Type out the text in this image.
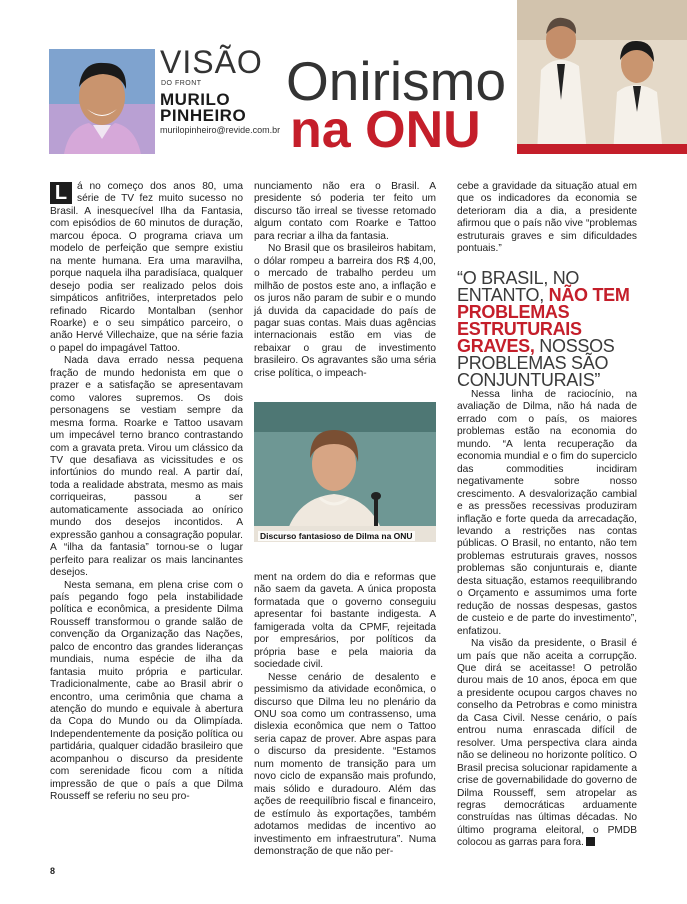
VISÃO
DO FRONT
MURILO
PINHEIRO
murilopinheiro@revide.com.br
Onirismo
na ONU

L á no começo dos anos 80, uma série de TV fez muito sucesso no Brasil. A inesquecível Ilha da Fantasia, com episódios de 60 minutos de duração, marcou época. O programa criava um modelo de perfeição que sempre existiu na mente humana. Era uma maravilha, porque naquela ilha paradisíaca, qualquer desejo podia ser realizado pelos dois simpáticos anfitriões, interpretados pelo refinado Ricardo Montalban (senhor Roarke) e o seu simpático parceiro, o anão Hervé Villechaize, que na série fazia o papel do impagável Tattoo.

Nada dava errado nessa pequena fração de mundo hedonista em que o prazer e a satisfação se apresentavam como valores supremos. Os dois personagens se vestiam sempre da mesma forma. Roarke e Tattoo usavam um impecável terno branco contrastando com a gravata preta. Virou um clássico da TV que desafiava as vicissitudes e os infortúnios do mundo real. A partir daí, toda a realidade abstrata, mesmo as mais corriqueiras, passou a ser automaticamente associada ao onírico mundo dos desejos incontidos. A expressão ganhou a consagração popular. A “ilha da fantasia” tornou-se o lugar perfeito para realizar os mais lancinantes desejos.

Nesta semana, em plena crise com o país pegando fogo pela instabilidade política e econômica, a presidente Dilma Rousseff transformou o grande salão de convenção da Organização das Nações, palco de encontro das grandes lideranças mundiais, numa espécie de ilha da fantasia muito própria e particular. Tradicionalmente, cabe ao Brasil abrir o encontro, uma cerimônia que chama a atenção do mundo e equivale à abertura da Copa do Mundo ou da Olimpíada. Independentemente da posição política ou partidária, qualquer cidadão brasileiro que acompanhou o discurso da presidente com serenidade ficou com a nítida impressão de que o país a que Dilma Rousseff se referiu no seu pro-

nunciamento não era o Brasil. A presidente só poderia ter feito um discurso tão irreal se tivesse retomado algum contato com Roarke e Tattoo para recriar a ilha da fantasia.

No Brasil que os brasileiros habitam, o dólar rompeu a barreira dos R$ 4,00, o mercado de trabalho perdeu um milhão de postos este ano, a inflação e os juros não param de subir e o mundo já duvida da capacidade do país de pagar suas contas. Mais duas agências internacionais estão em vias de rebaixar o grau de investimento brasileiro. Os agravantes são uma séria crise política, o impeach-

Discurso fantasioso de Dilma na ONU

ment na ordem do dia e reformas que não saem da gaveta. A única proposta formatada que o governo conseguiu apresentar foi bastante indigesta. A famigerada volta da CPMF, rejeitada por empresários, por políticos da própria base e pela maioria da sociedade civil.

Nesse cenário de desalento e pessimismo da atividade econômica, o discurso que Dilma leu no plenário da ONU soa como um contrassenso, uma dislexia econômica que nem o Tattoo seria capaz de prover. Abre aspas para o discurso da presidente. “Estamos num momento de transição para um novo ciclo de expansão mais profundo, mais sólido e duradouro. Além das ações de reequilíbrio fiscal e financeiro, de estímulo às exportações, também adotamos medidas de incentivo ao investimento em infraestrutura”. Numa demonstração de que não per-

cebe a gravidade da situação atual em que os indicadores da economia se deterioram dia a dia, a presidente afirmou que o país não vive “problemas estruturais graves e sim dificuldades pontuais.”

“O BRASIL, NO ENTANTO, NÃO TEM PROBLEMAS ESTRUTURAIS GRAVES, NOSSOS PROBLEMAS SÃO CONJUNTURAIS”

Nessa linha de raciocínio, na avaliação de Dilma, não há nada de errado com o país, os maiores problemas estão na economia do mundo. “A lenta recuperação da economia mundial e o fim do superciclo das commodities incidiram negativamente sobre nosso crescimento. A desvalorização cambial e as pressões recessivas produziram inflação e forte queda da arrecadação, levando a restrições nas contas públicas. O Brasil, no entanto, não tem problemas estruturais graves, nossos problemas são conjunturais e, diante desta situação, estamos reequilibrando o Orçamento e assumimos uma forte redução de nossas despesas, gastos de custeio e de parte do investimento”, enfatizou.

Na visão da presidente, o Brasil é um país que não aceita a corrupção. Que dirá se aceitasse! O petrolão durou mais de 10 anos, época em que a presidente ocupou cargos chaves no conselho da Petrobras e como ministra da Casa Civil. Nesse cenário, o país entrou numa enrascada difícil de resolver. Uma perspectiva clara ainda não se delineou no horizonte político. O Brasil precisa solucionar rapidamente a crise de governabilidade do governo de Dilma Rousseff, sem atropelar as regras democráticas arduamente construídas nas últimas décadas. No último programa eleitoral, o PMDB colocou as garras para fora.

8
